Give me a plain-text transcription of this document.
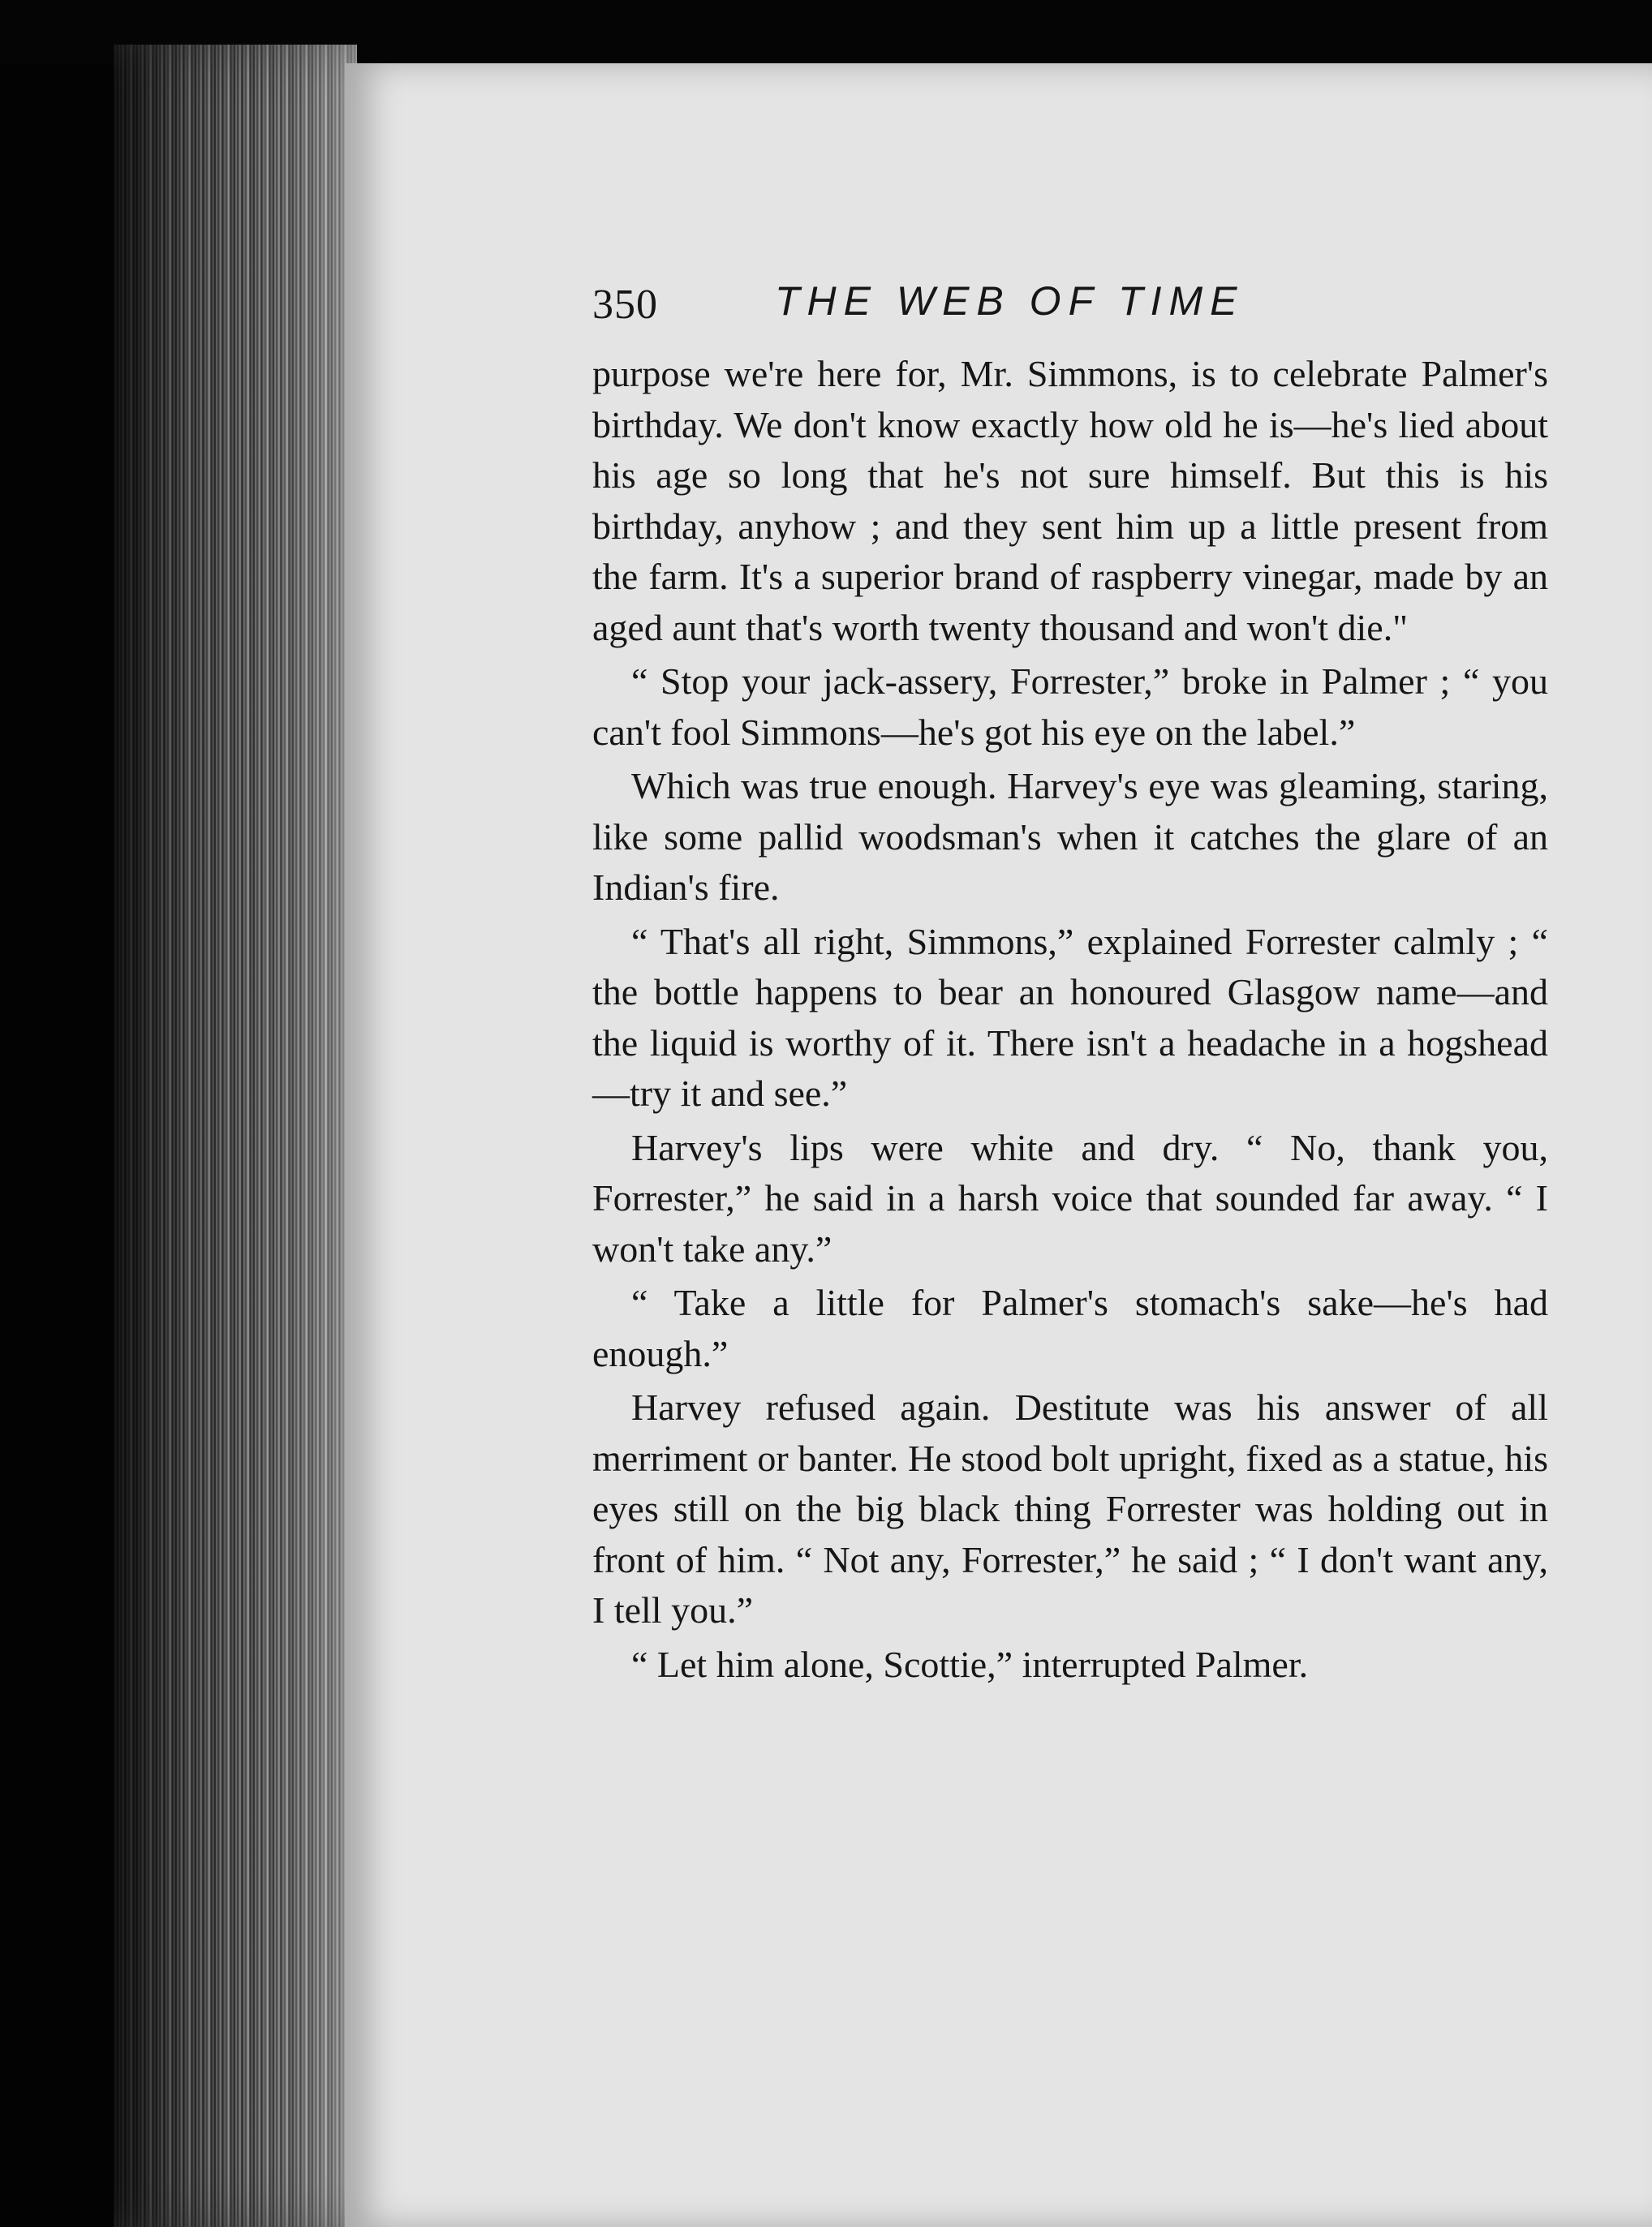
350	THE WEB OF TIME

purpose we're here for, Mr. Simmons, is to celebrate Palmer's birthday. We don't know exactly how old he is—he's lied about his age so long that he's not sure himself. But this is his birthday, anyhow ; and they sent him up a little present from the farm. It's a superior brand of raspberry vinegar, made by an aged aunt that's worth twenty thousand and won't die."

“ Stop your jack-assery, Forrester,” broke in Palmer ; “ you can't fool Simmons—he's got his eye on the label.”

Which was true enough. Harvey's eye was gleaming, staring, like some pallid woodsman's when it catches the glare of an Indian's fire.

“ That's all right, Simmons,” explained Forrester calmly ; “ the bottle happens to bear an honoured Glasgow name—and the liquid is worthy of it. There isn't a headache in a hogshead—try it and see.”

Harvey's lips were white and dry. “ No, thank you, Forrester,” he said in a harsh voice that sounded far away. “ I won't take any.”

“ Take a little for Palmer's stomach's sake—he's had enough.”

Harvey refused again. Destitute was his answer of all merriment or banter. He stood bolt upright, fixed as a statue, his eyes still on the big black thing Forrester was holding out in front of him. “ Not any, Forrester,” he said ; “ I don't want any, I tell you.”

“ Let him alone, Scottie,” interrupted Palmer.
